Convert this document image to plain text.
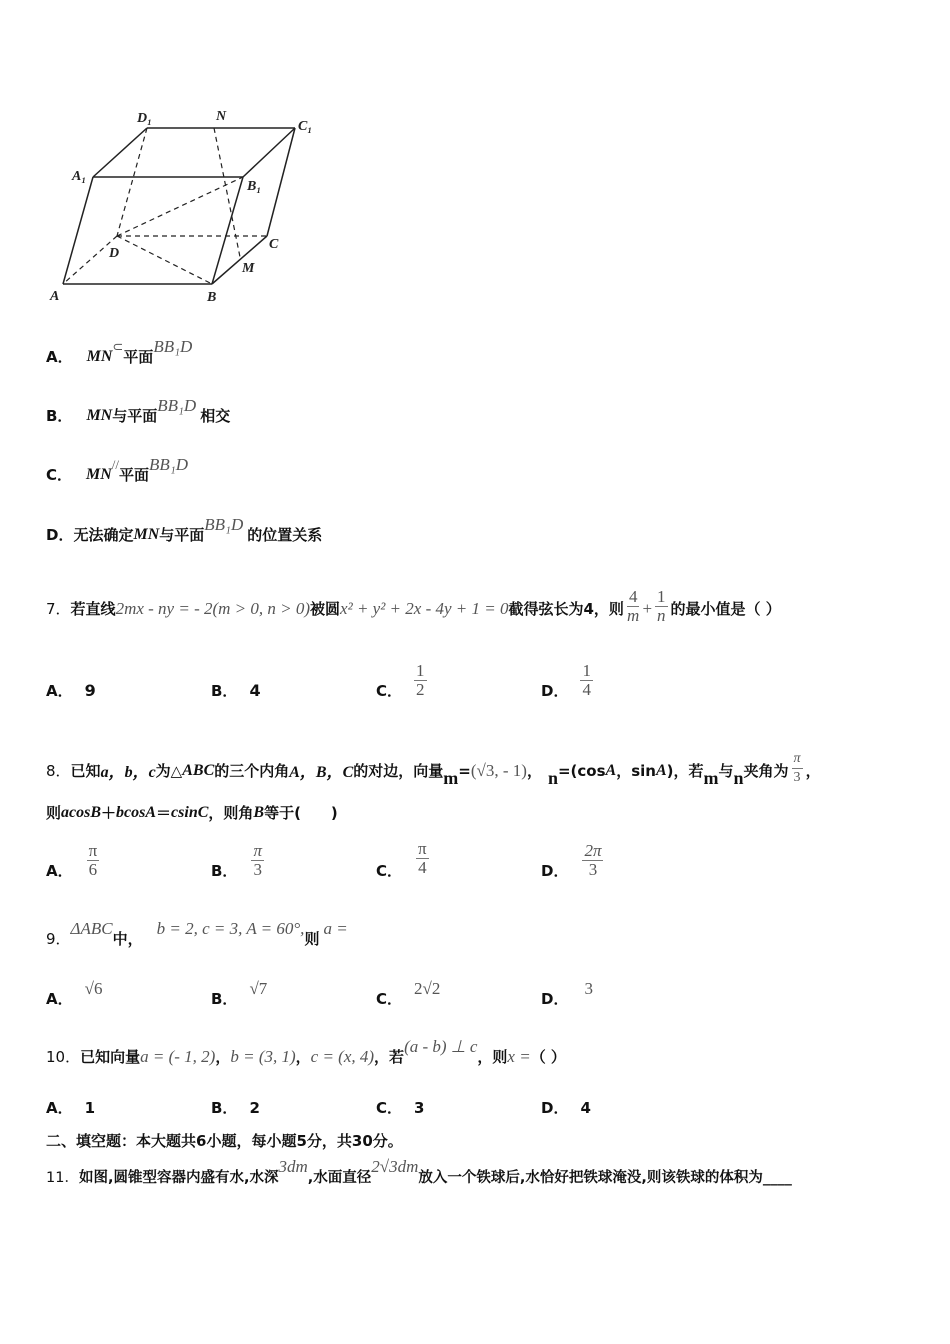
D₁	N
C₁
A₁
B₁
D
C
M
A	B
A． MN
⊂
平面
BB₁D
B． MN 与平面
BB₁D
相交
C． MN
//
平面
BB₁D
D． 无法确定 MN 与平面
BB₁D
的位置关系
7． 若直线 2mx - ny = - 2(m > 0, n > 0) 被圆 x² + y² + 2x - 4y + 1 = 0 截得弦长为4，则 $\frac{4}{m} + \frac{1}{n}$ 的最小值是（ ）
A． 9	B． 4	C． $\frac{1}{2}$	D． $\frac{1}{4}$
8． 已知 a，b，c 为△ ABC 的三个内角 A，B，C 的对边，向量 m = (√3, - 1) ， n =(cos A ，sin A )，若 m 与 n 夹角为 $\frac{\pi}{3}$ ，
则 acosB ＋ bcosA ＝ csinC ，则角 B 等于(　　)
A． $\frac{\pi}{6}$	B． $\frac{\pi}{3}$	C． $\frac{\pi}{4}$	D． $\frac{2\pi}{3}$
9．
ΔABC
中，
b = 2, c = 3, A = 60°,
则
a =
A．
√6
B．
√7
C．
2√2
D．
3
10． 已知向量 a = (- 1, 2) ， b = (3, 1) ， c = (x, 4) ，若
(a - b) ⊥ c
，则 x = （ ）
A． 1	B． 2	C． 3	D． 4
二、填空题：本大题共6小题，每小题5分，共30分。
11． 如图,圆锥型容器内盛有水,水深
3dm
,水面直径
2√3dm
放入一个铁球后,水恰好把铁球淹没,则该铁球的体积为____
